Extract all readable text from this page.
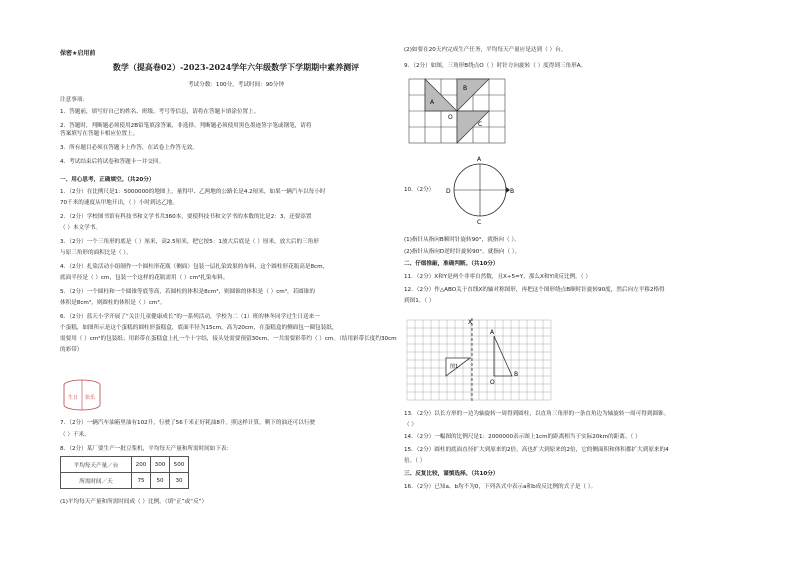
保密★启用前
数学（提高卷02）-2023-2024学年六年级数学下学期期中素养测评
考试分数：100分，考试时间：90分钟
注意事项：
1．答题前，填写好自己的姓名、班级、考号等信息，请将在答题卡填涂位置上。
2．答题时，判断题必须使用2B铅笔填涂答案，非选择、判断题必须使用黑色墨迹签字笔或钢笔，请将
答案填写在答题卡相应位置上。
3．所有题目必须在答题卡上作答，在试卷上作答无效。
4．考试结束后将试卷和答题卡一并交回。
一、用心思考，正确填空。（共20分）
1．（2分）在比例尺是1：5000000的地图上，量得甲、乙两地的公路长是4.2厘米，如果一辆汽车以每小时
70千米的速度从甲地开出，（ ）小时到达乙地。
2．（2分）学校图书馆有科技书和文学书共360本，要使科技书和文学书的本数的比是2：3，还要添置
（ ）本文学书。
3．（2分）一个三角形的底是（ ）厘米，高2.5厘米，把它按5：1放大后底是（ ）厘米，放大后的三角形
与原三角形的面积比是（ ）。
4．（2分）扎染活动小组制作一个圆柱形花瓶（侧面）包装一层扎染效果的布料，这个圆柱形花瓶高是8cm，
底面半径是（ ）cm，包装一个这样的花瓶需用（ ）cm²扎染布料。
5．（2分）一个圆柱和一个圆锥等底等高，若圆柱的体积是8cm³，则圆锥的体积是（ ）cm³，若圆锥的
体积是8cm³，则圆柱的体积是（ ）cm³。
6．（2分）蓝天小学开展了“关注儿童健康成长”的一系列活动，学校为二（1）班的林冬同学过生日送来一
个蛋糕，如图所示是这个蛋糕的圆柱形蛋糕盒，底面半径为15cm，高为20cm，在蛋糕盒的侧面包一圈包装纸，
需要用（ ）cm²的包装纸；用彩带在蛋糕盒上扎一个十字结，接头处需要预留30cm，一共需要彩带约（ ）cm。（结用彩带长度约30cm
的彩带）
生日 快乐
7．（2分）一辆汽车油箱里油有102升，行驶了56千米正好耗油8升。照这样计算，剩下的油还可以行驶
（ ）千米。
8．（2分）某厂要生产一批豆浆机，平均每天产量和所需时间如下表：
平均每天产量／台	200	300	500
所需时间／天	75	50	30
(1)平均每天产量和所需时间成（ ）比例。（填“正”或“反”）
(2)如要在20天内完成生产任务，平均每天产量应是达到（ ）台。
9．（2分）如图，三角形B绕点O（ ）时针方向旋转（ ）度得到三角形A。
A
B
C
O
A
B
C
D
10．（2分）
(1)指针从指向B顺时针旋转90°，就指向（ ）。
(2)指针从指向D逆时针旋转90°，就指向（ ）。
二、仔细推敲，准确判断。（共10分）
11．（2分）X和Y是两个非零自然数，且X÷5=Y，那么X和Y成反比例。（ ）
12．（2分）作△ABO关于直线X的轴对称图形，再把这个图形绕点B顺时针旋转90度，然后向左平移2格得
到图1。（ ）
X
A
B
O
图1
13．（2分）以长方形的一边为轴旋转一周得到圆柱，以直角三角形的一条直角边为轴旋转一周可得到圆锥。
（ ）
14．（2分）一幅图的比例尺是1：2000000表示图上1cm的距离相当于实际20km的距离。（ ）
15．（2分）圆柱的底面直径扩大到原来的2倍，高也扩大到原来的2倍，它的侧面积和体积都扩大到原来的4
倍。（ ）
三、反复比较，谨慎选择。（共10分）
16．（2分）已知a、b均不为0，下列各式中表示a和b成反比例的式子是（ ）。
